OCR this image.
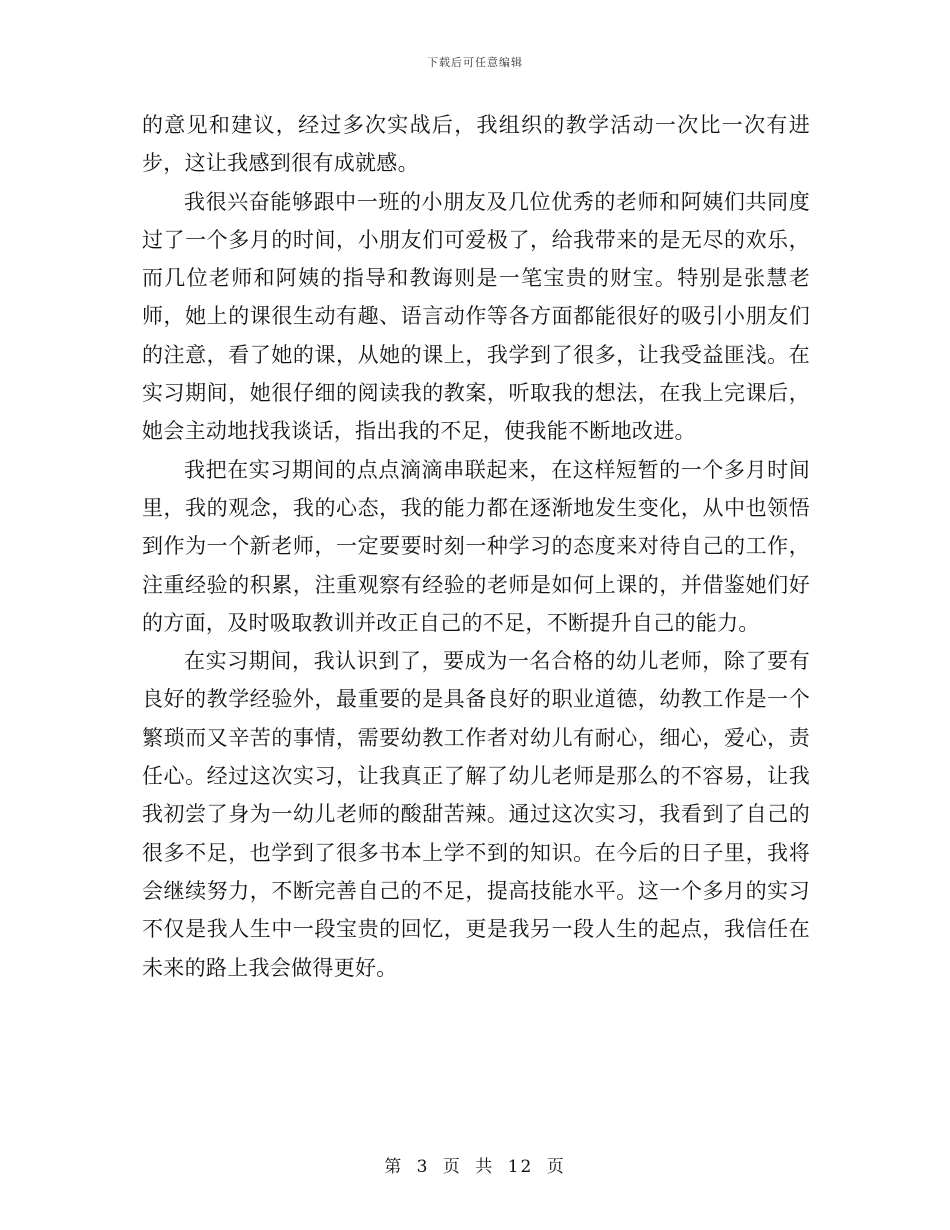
下载后可任意编辑

的意见和建议，经过多次实战后，我组织的教学活动一次比一次有进步，这让我感到很有成就感。

我很兴奋能够跟中一班的小朋友及几位优秀的老师和阿姨们共同度过了一个多月的时间，小朋友们可爱极了，给我带来的是无尽的欢乐，而几位老师和阿姨的指导和教诲则是一笔宝贵的财宝。特别是张慧老师，她上的课很生动有趣、语言动作等各方面都能很好的吸引小朋友们的注意，看了她的课，从她的课上，我学到了很多，让我受益匪浅。在实习期间，她很仔细的阅读我的教案，听取我的想法，在我上完课后，她会主动地找我谈话，指出我的不足，使我能不断地改进。

我把在实习期间的点点滴滴串联起来，在这样短暂的一个多月时间里，我的观念，我的心态，我的能力都在逐渐地发生变化，从中也领悟到作为一个新老师，一定要要时刻一种学习的态度来对待自己的工作，注重经验的积累，注重观察有经验的老师是如何上课的，并借鉴她们好的方面，及时吸取教训并改正自己的不足，不断提升自己的能力。

在实习期间，我认识到了，要成为一名合格的幼儿老师，除了要有良好的教学经验外，最重要的是具备良好的职业道德，幼教工作是一个繁琐而又辛苦的事情，需要幼教工作者对幼儿有耐心，细心，爱心，责任心。经过这次实习，让我真正了解了幼儿老师是那么的不容易，让我我初尝了身为一幼儿老师的酸甜苦辣。通过这次实习，我看到了自己的很多不足，也学到了很多书本上学不到的知识。在今后的日子里，我将会继续努力，不断完善自己的不足，提高技能水平。这一个多月的实习不仅是我人生中一段宝贵的回忆，更是我另一段人生的起点，我信任在未来的路上我会做得更好。

第 3 页 共 12 页
